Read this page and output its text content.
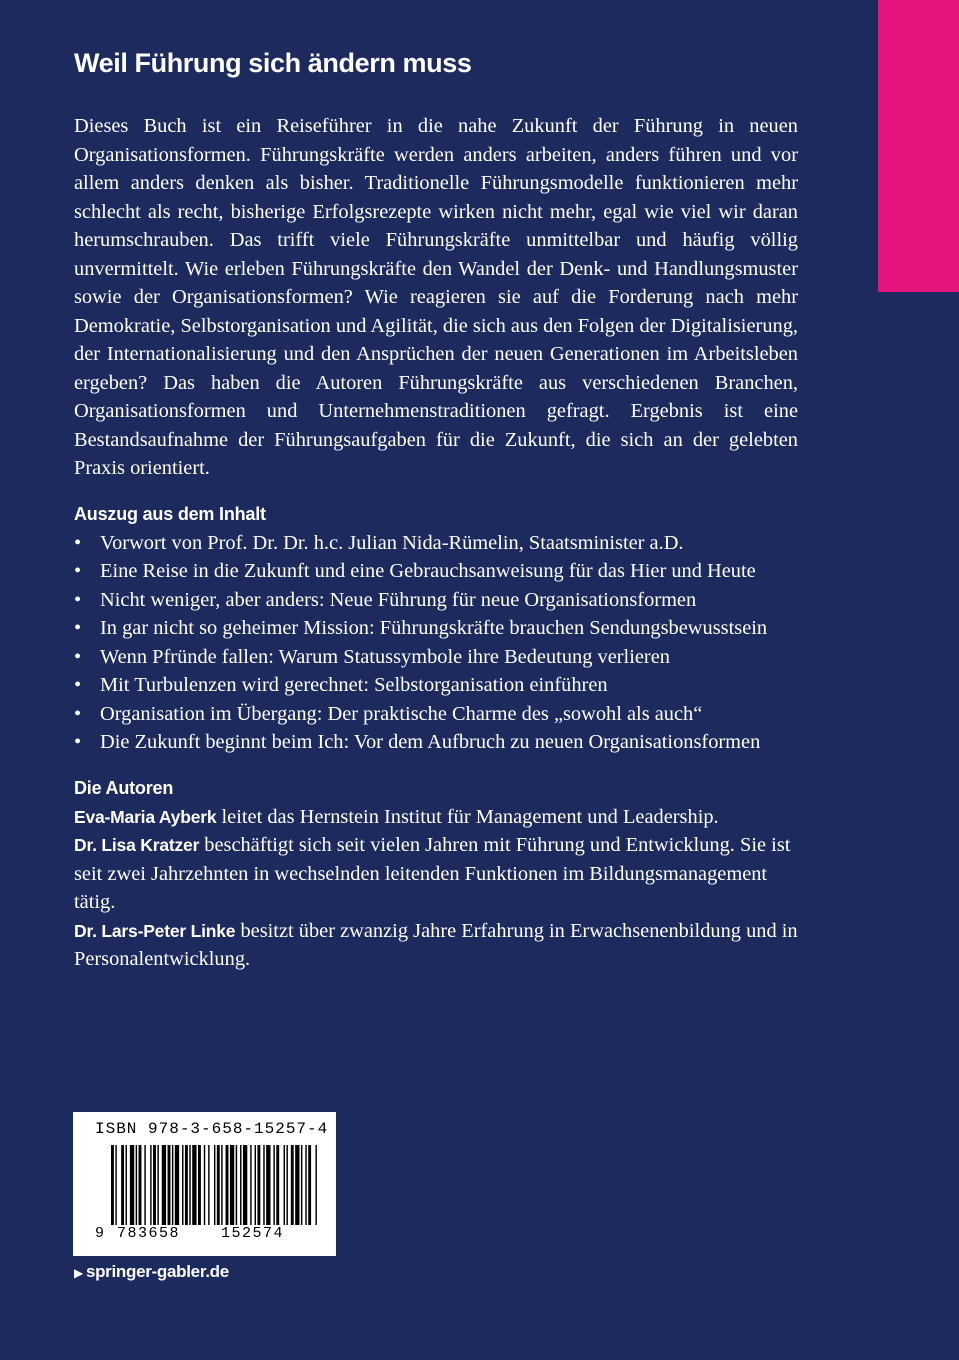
Weil Führung sich ändern muss

Dieses Buch ist ein Reiseführer in die nahe Zukunft der Führung in neuen Organisationsformen. Führungskräfte werden anders arbeiten, anders führen und vor allem anders denken als bisher. Traditionelle Führungsmodelle funktionieren mehr schlecht als recht, bisherige Erfolgsrezepte wirken nicht mehr, egal wie viel wir daran herumschrauben. Das trifft viele Führungskräfte unmittelbar und häufig völlig unvermittelt. Wie erleben Führungskräfte den Wandel der Denk- und Handlungsmuster sowie der Organisationsformen? Wie reagieren sie auf die Forderung nach mehr Demokratie, Selbstorganisation und Agilität, die sich aus den Folgen der Digitalisierung, der Internationalisierung und den Ansprüchen der neuen Generationen im Arbeitsleben ergeben? Das haben die Autoren Führungskräfte aus verschiedenen Branchen, Organisationsformen und Unternehmenstraditionen gefragt. Ergebnis ist eine Bestandsaufnahme der Führungsaufgaben für die Zukunft, die sich an der gelebten Praxis orientiert.

Auszug aus dem Inhalt
• Vorwort von Prof. Dr. Dr. h.c. Julian Nida-Rümelin, Staatsminister a.D.
• Eine Reise in die Zukunft und eine Gebrauchsanweisung für das Hier und Heute
• Nicht weniger, aber anders: Neue Führung für neue Organisationsformen
• In gar nicht so geheimer Mission: Führungskräfte brauchen Sendungsbewusstsein
• Wenn Pfründe fallen: Warum Statussymbole ihre Bedeutung verlieren
• Mit Turbulenzen wird gerechnet: Selbstorganisation einführen
• Organisation im Übergang: Der praktische Charme des „sowohl als auch“
• Die Zukunft beginnt beim Ich: Vor dem Aufbruch zu neuen Organisationsformen
Die Autoren

Eva-Maria Ayberk leitet das Hernstein Institut für Management und Leadership.
Dr. Lisa Kratzer beschäftigt sich seit vielen Jahren mit Führung und Entwicklung. Sie ist seit zwei Jahrzehnten in wechselnden leitenden Funktionen im Bildungsmanagement tätig.
Dr. Lars-Peter Linke besitzt über zwanzig Jahre Erfahrung in Erwachsenenbildung und in Personalentwicklung.

ISBN 978-3-658-15257-4
9 783658	152574
▶ springer-gabler.de
